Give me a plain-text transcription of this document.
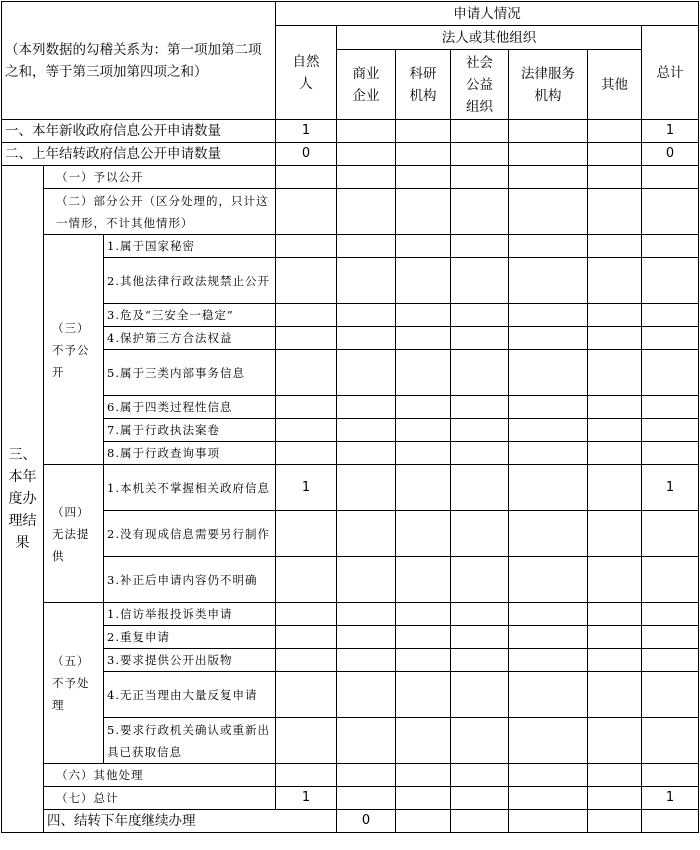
（本列数据的勾稽关系为：第一项加第二项之和，等于第三项加第四项之和）			申请人情况							
			自然人	法人或其他组织					总计	
				商业企业	科研机构	社会公益组织	法律服务机构	其他		
一、本年新收政府信息公开申请数量			1						1	
二、上年结转政府信息公开申请数量			0						0	
三、本年度办理结果	（一）予以公开									
	（二）部分公开（区分处理的，只计这一情形，不计其他情形）									
	（三）不予公开	1.属于国家秘密								
		2.其他法律行政法规禁止公开								
		3.危及“三安全一稳定”								
		4.保护第三方合法权益								
		5.属于三类内部事务信息								
		6.属于四类过程性信息								
		7.属于行政执法案卷								
		8.属于行政查询事项								
	（四）无法提供	1.本机关不掌握相关政府信息	1						1	
		2.没有现成信息需要另行制作								
		3.补正后申请内容仍不明确								
	（五）不予处理	1.信访举报投诉类申请								
		2.重复申请								
		3.要求提供公开出版物								
		4.无正当理由大量反复申请								
		5.要求行政机关确认或重新出具已获取信息								
	（六）其他处理									
	（七）总计		1						1	
	四、结转下年度继续办理			0						
